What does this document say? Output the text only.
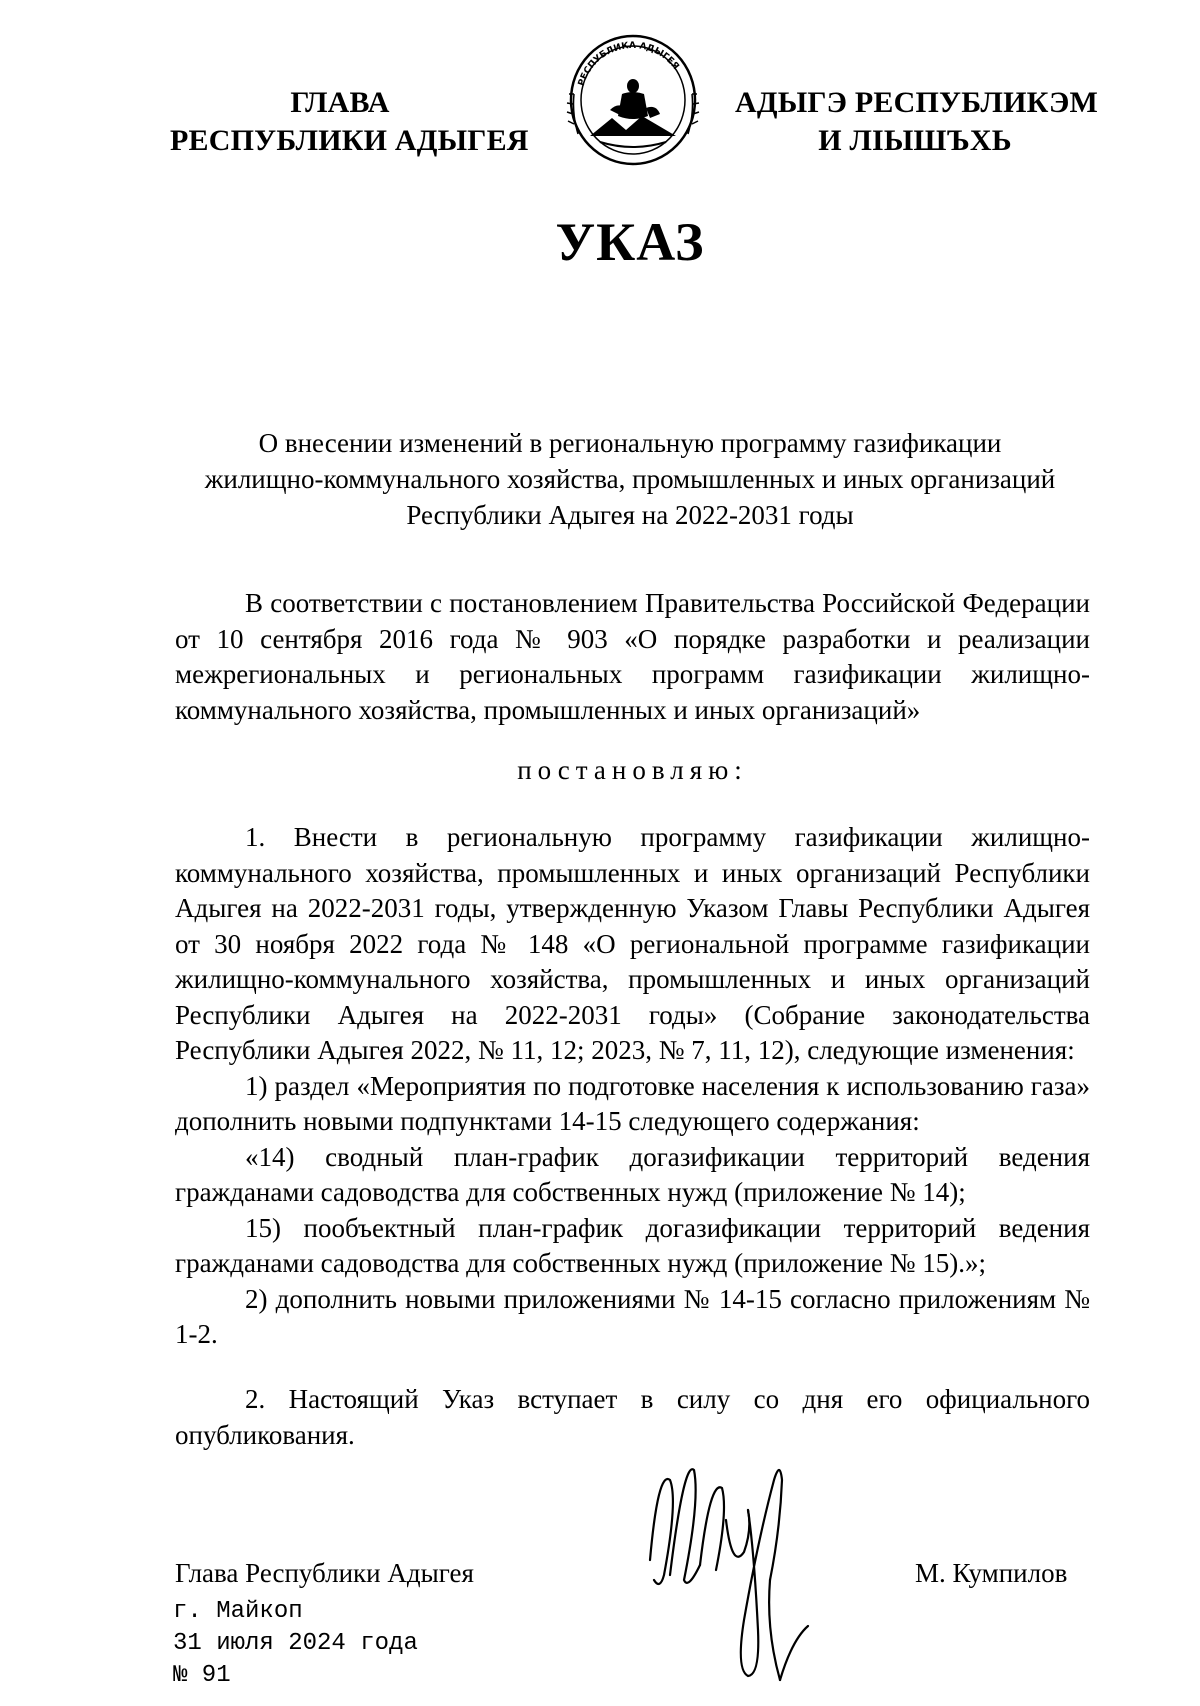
ГЛАВА
РЕСПУБЛИКИ АДЫГЕЯ
РЕСПУБЛИКА АДЫГЕЯ
АДЫГЭ РЕСПУБЛИКЭМ
И ЛІЫШЪХЬ
УКАЗ
О внесении изменений в региональную программу газификации
жилищно-коммунального хозяйства, промышленных и иных организаций
Республики Адыгея на 2022-2031 годы

В соответствии с постановлением Правительства Российской Федерации от 10 сентября 2016 года № 903 «О порядке разработки и реализации межрегиональных и региональных программ газификации жилищно-коммунального хозяйства, промышленных и иных организаций»

постановляю:

1. Внести в региональную программу газификации жилищно-коммунального хозяйства, промышленных и иных организаций Республики Адыгея на 2022-2031 годы, утвержденную Указом Главы Республики Адыгея от 30 ноября 2022 года № 148 «О региональной программе газификации жилищно-коммунального хозяйства, промышленных и иных организаций Республики Адыгея на 2022-2031 годы» (Собрание законодательства Республики Адыгея 2022, № 11, 12; 2023, № 7, 11, 12), следующие изменения:

1) раздел «Мероприятия по подготовке населения к использованию газа» дополнить новыми подпунктами 14-15 следующего содержания:

«14) сводный план-график догазификации территорий ведения гражданами садоводства для собственных нужд (приложение № 14);

15) пообъектный план-график догазификации территорий ведения гражданами садоводства для собственных нужд (приложение № 15).»;

2) дополнить новыми приложениями № 14-15 согласно приложениям № 1-2.

2. Настоящий Указ вступает в силу со дня его официального опубликования.

Глава Республики Адыгея	М. Кумпилов
г. Майкоп
31 июля 2024 года
№ 91
